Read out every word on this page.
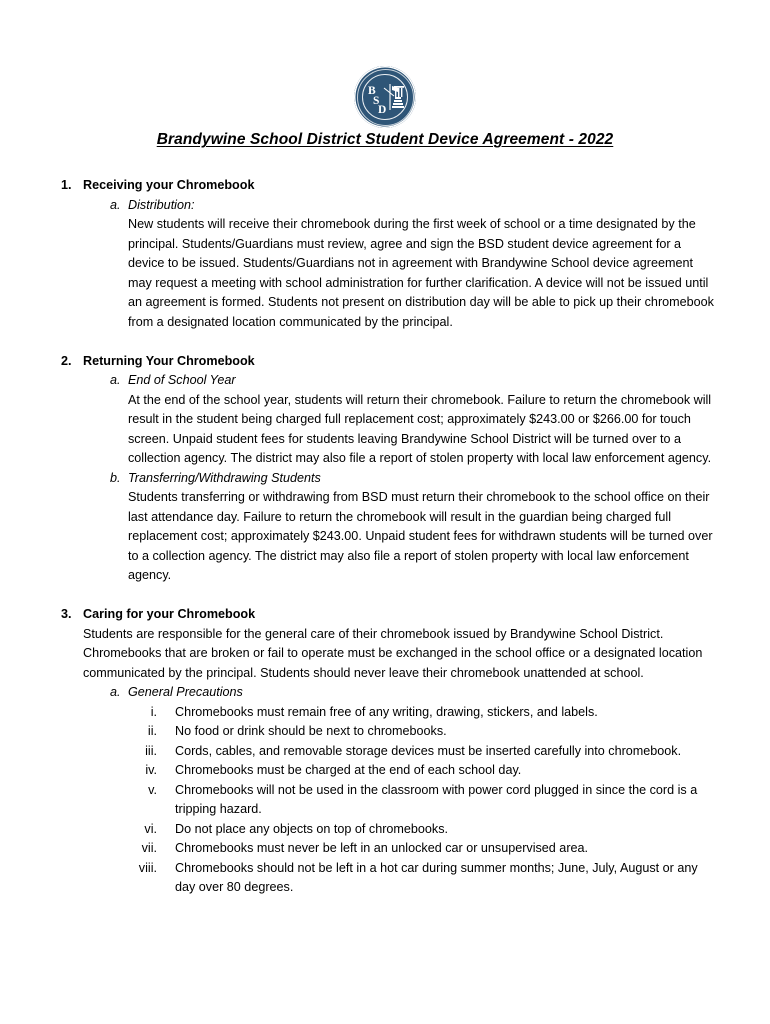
B
S
D
Brandywine School District Student Device Agreement - 2022
1. Receiving your Chromebook
a. Distribution:
New students will receive their chromebook during the first week of school or a time designated by the principal. Students/Guardians must review, agree and sign the BSD student device agreement for a device to be issued. Students/Guardians not in agreement with Brandywine School device agreement may request a meeting with school administration for further clarification. A device will not be issued until an agreement is formed. Students not present on distribution day will be able to pick up their chromebook from a designated location communicated by the principal.
2. Returning Your Chromebook
a. End of School Year
At the end of the school year, students will return their chromebook. Failure to return the chromebook will result in the student being charged full replacement cost; approximately $243.00 or $266.00 for touch screen. Unpaid student fees for students leaving Brandywine School District will be turned over to a collection agency. The district may also file a report of stolen property with local law enforcement agency.
b. Transferring/Withdrawing Students
Students transferring or withdrawing from BSD must return their chromebook to the school office on their last attendance day. Failure to return the chromebook will result in the guardian being charged full replacement cost; approximately $243.00. Unpaid student fees for withdrawn students will be turned over to a collection agency. The district may also file a report of stolen property with local law enforcement agency.
3. Caring for your Chromebook
Students are responsible for the general care of their chromebook issued by Brandywine School District. Chromebooks that are broken or fail to operate must be exchanged in the school office or a designated location communicated by the principal. Students should never leave their chromebook unattended at school.
a. General Precautions
i. Chromebooks must remain free of any writing, drawing, stickers, and labels.
ii. No food or drink should be next to chromebooks.
iii. Cords, cables, and removable storage devices must be inserted carefully into chromebook.
iv. Chromebooks must be charged at the end of each school day.
v. Chromebooks will not be used in the classroom with power cord plugged in since the cord is a tripping hazard.
vi. Do not place any objects on top of chromebooks.
vii. Chromebooks must never be left in an unlocked car or unsupervised area.
viii. Chromebooks should not be left in a hot car during summer months; June, July, August or any day over 80 degrees.
